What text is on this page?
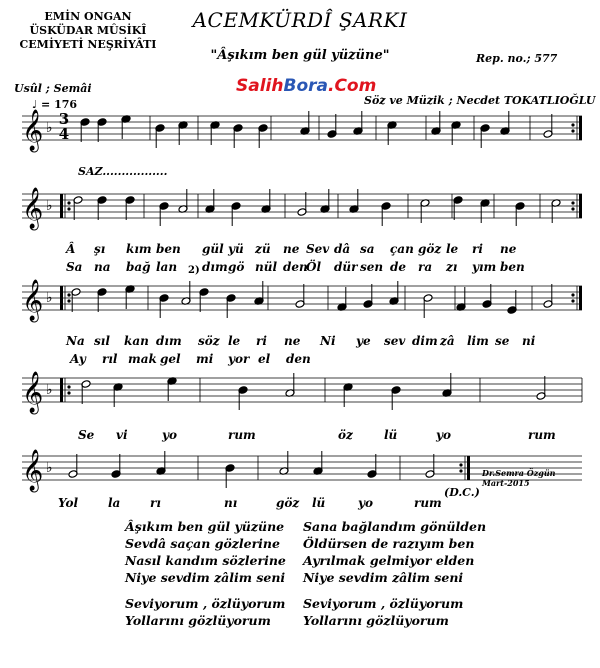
EMİN ONGAN
ÜSKÜDAR MÛSİKÎ
CEMİYETİ NEŞRİYÂTI
ACEMKÜRDÎ ŞARKI
"Âşıkım ben gül yüzüne"	Rep. no.; 577
SalihBora.Com
Usûl ; Semâi
♩ = 176	Söz ve Müzik ; Necdet TOKATLIOĞLU
𝄞 ♭
𝄞 ♭
𝄞 ♭
𝄞 ♭
𝄞 ♭
3
4
2)
SAZ.................
Dr.Semra Özgün
Mart-2015
(D.C.)
Â şı kım ben gül yü zü ne Sev dâ sa çan göz le ri ne
Sa na bağ lan dım gö nül den
Öl dür sen de ra zı yım ben
Na sıl kan dım söz le ri ne Ni ye sev dim zâ lim se ni
Ay rıl mak gel mi yor el den
Se vi	yo	rum	öz	lü	yo	rum
Yol la rı	nı	göz lü	yo	rum
Âşıkım ben gül yüzüne
Sevdâ saçan gözlerine
Nasıl kandım sözlerine
Niye sevdim zâlim seni
Seviyorum , özlüyorum
Yollarını gözlüyorum
Sana bağlandım gönülden
Öldürsen de razıyım ben
Ayrılmak gelmiyor elden
Niye sevdim zâlim seni
Seviyorum , özlüyorum
Yollarını gözlüyorum
